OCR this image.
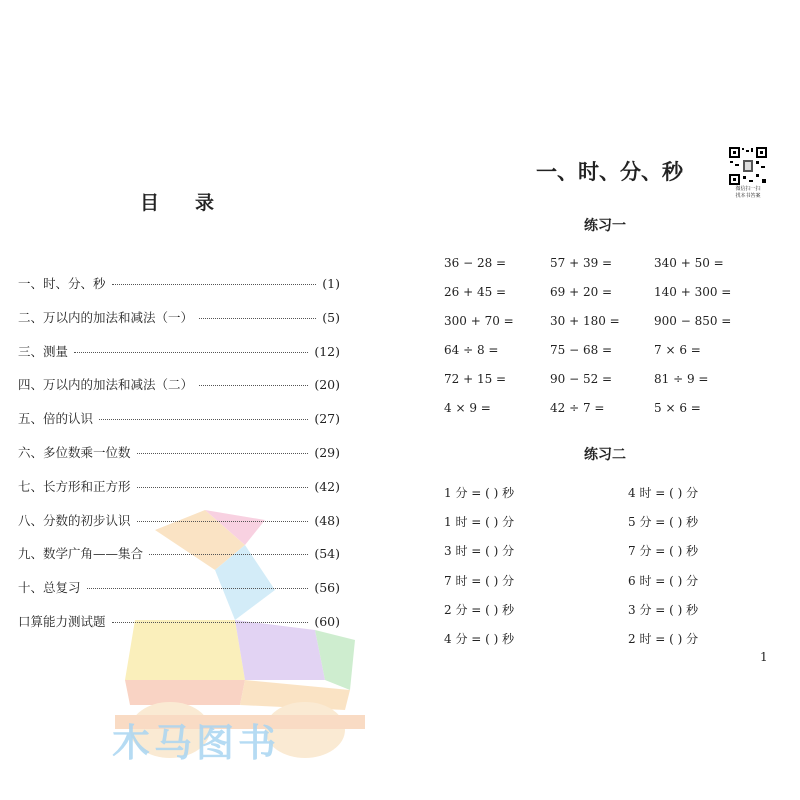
木马图书
目录
一、时、分、秒	(1)
二、万以内的加法和减法（一）	(5)
三、测量	(12)
四、万以内的加法和减法（二）	(20)
五、倍的认识	(27)
六、多位数乘一位数	(29)
七、长方形和正方形	(42)
八、分数的初步认识	(48)
九、数学广角——集合	(54)
十、总复习	(56)
口算能力测试题	(60)
一、时、分、秒
微信扫一扫
找本书答案
练习一
36 − 28 =	57 + 39 =	340 + 50 =
26 + 45 =	69 + 20 =	140 + 300 =
300 + 70 =	30 + 180 =	900 − 850 =
64 ÷ 8 =	75 − 68 =	7 × 6 =
72 + 15 =	90 − 52 =	81 ÷ 9 =
4 × 9 =	42 ÷ 7 =	5 × 6 =
练习二
1 分 = ( ) 秒	4 时 = ( ) 分
1 时 = ( ) 分	5 分 = ( ) 秒
3 时 = ( ) 分	7 分 = ( ) 秒
7 时 = ( ) 分	6 时 = ( ) 分
2 分 = ( ) 秒	3 分 = ( ) 秒
4 分 = ( ) 秒	2 时 = ( ) 分
1
